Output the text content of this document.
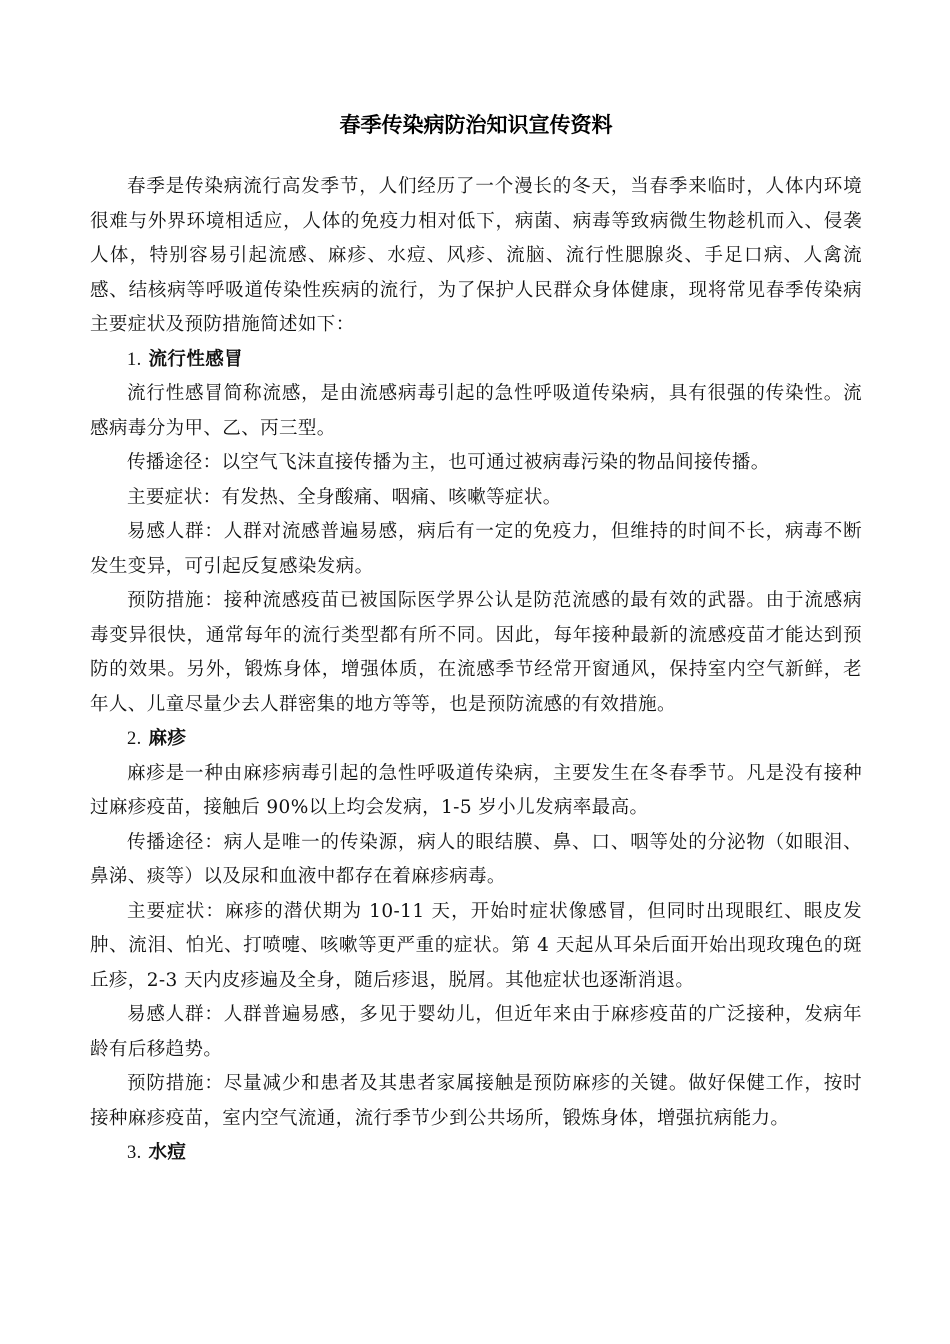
春季传染病防治知识宣传资料

春季是传染病流行高发季节，人们经历了一个漫长的冬天，当春季来临时，人体内环境很难与外界环境相适应，人体的免疫力相对低下，病菌、病毒等致病微生物趁机而入、侵袭人体，特别容易引起流感、麻疹、水痘、风疹、流脑、流行性腮腺炎、手足口病、人禽流感、结核病等呼吸道传染性疾病的流行，为了保护人民群众身体健康，现将常见春季传染病主要症状及预防措施简述如下：

1. 流行性感冒

流行性感冒简称流感，是由流感病毒引起的急性呼吸道传染病，具有很强的传染性。流感病毒分为甲、乙、丙三型。

传播途径：以空气飞沫直接传播为主，也可通过被病毒污染的物品间接传播。

主要症状：有发热、全身酸痛、咽痛、咳嗽等症状。

易感人群：人群对流感普遍易感，病后有一定的免疫力，但维持的时间不长，病毒不断发生变异，可引起反复感染发病。

预防措施：接种流感疫苗已被国际医学界公认是防范流感的最有效的武器。由于流感病毒变异很快，通常每年的流行类型都有所不同。因此，每年接种最新的流感疫苗才能达到预防的效果。另外，锻炼身体，增强体质，在流感季节经常开窗通风，保持室内空气新鲜，老年人、儿童尽量少去人群密集的地方等等，也是预防流感的有效措施。

2. 麻疹

麻疹是一种由麻疹病毒引起的急性呼吸道传染病，主要发生在冬春季节。凡是没有接种过麻疹疫苗，接触后 90%以上均会发病，1-5 岁小儿发病率最高。

传播途径：病人是唯一的传染源，病人的眼结膜、鼻、口、咽等处的分泌物（如眼泪、鼻涕、痰等）以及尿和血液中都存在着麻疹病毒。

主要症状：麻疹的潜伏期为 10-11 天，开始时症状像感冒，但同时出现眼红、眼皮发肿、流泪、怕光、打喷嚏、咳嗽等更严重的症状。第 4 天起从耳朵后面开始出现玫瑰色的斑丘疹，2-3 天内皮疹遍及全身，随后疹退，脱屑。其他症状也逐渐消退。

易感人群：人群普遍易感，多见于婴幼儿，但近年来由于麻疹疫苗的广泛接种，发病年龄有后移趋势。

预防措施：尽量减少和患者及其患者家属接触是预防麻疹的关键。做好保健工作，按时接种麻疹疫苗，室内空气流通，流行季节少到公共场所，锻炼身体，增强抗病能力。

3. 水痘
